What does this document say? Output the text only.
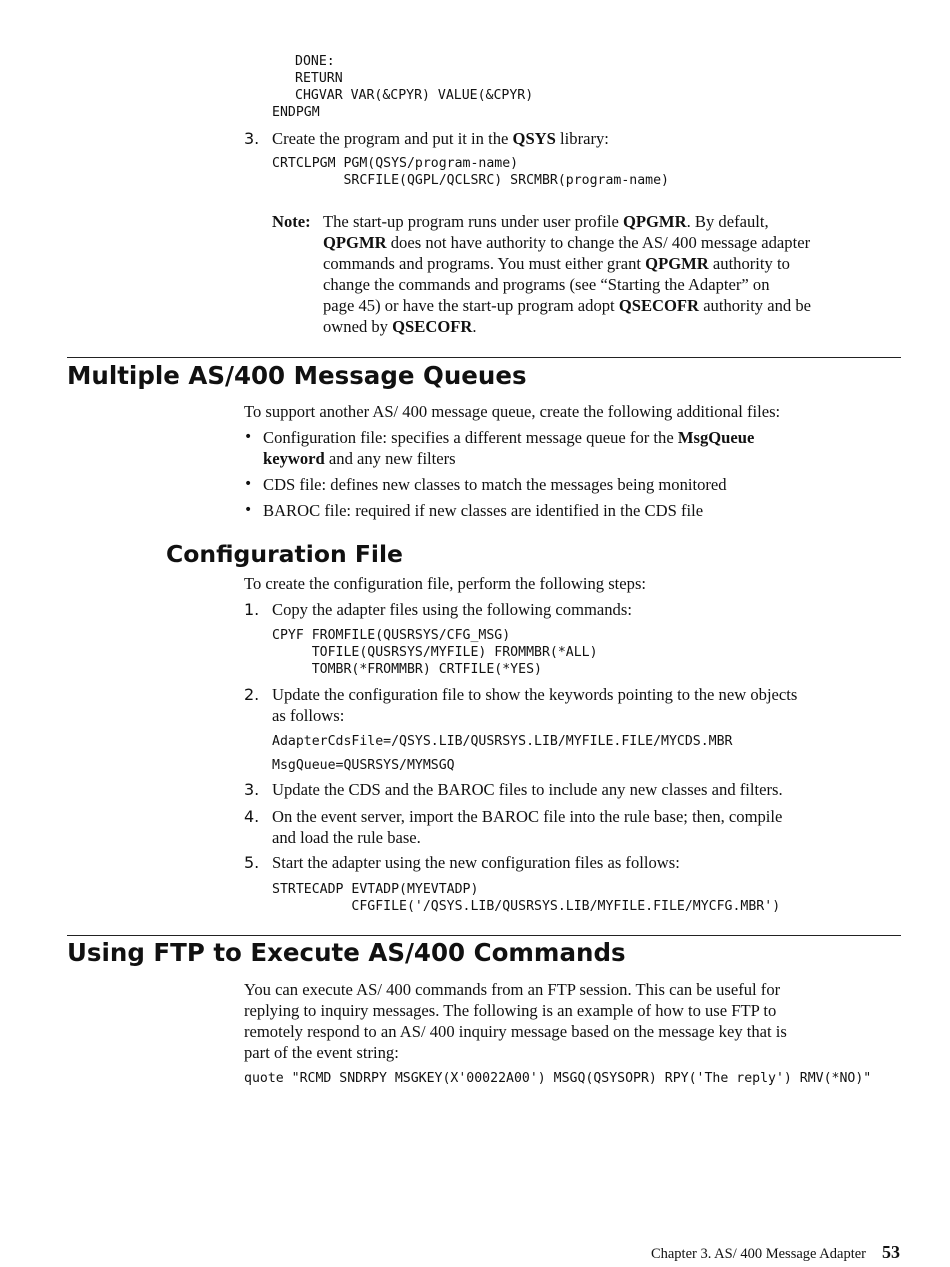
DONE:
RETURN
CHGVAR VAR(&CPYR) VALUE(&CPYR)
ENDPGM
3. Create the program and put it in the QSYS library:
CRTCLPGM PGM(QSYS/program-name)
SRCFILE(QGPL/QCLSRC) SRCMBR(program-name)
Note: The start-up program runs under user profile QPGMR. By default,
QPGMR does not have authority to change the AS/ 400 message adapter
commands and programs. You must either grant QPGMR authority to
change the commands and programs (see “Starting the Adapter” on
page 45) or have the start-up program adopt QSECOFR authority and be
owned by QSECOFR.
Multiple AS/400 Message Queues
To support another AS/ 400 message queue, create the following additional files:
• Configuration file: specifies a different message queue for the MsgQueue
keyword and any new filters
• CDS file: defines new classes to match the messages being monitored
• BAROC file: required if new classes are identified in the CDS file
Configuration File
To create the configuration file, perform the following steps:
1. Copy the adapter files using the following commands:
CPYF FROMFILE(QUSRSYS/CFG_MSG)
TOFILE(QUSRSYS/MYFILE) FROMMBR(*ALL)
TOMBR(*FROMMBR) CRTFILE(*YES)
2. Update the configuration file to show the keywords pointing to the new objects
as follows:
AdapterCdsFile=/QSYS.LIB/QUSRSYS.LIB/MYFILE.FILE/MYCDS.MBR
MsgQueue=QUSRSYS/MYMSGQ
3. Update the CDS and the BAROC files to include any new classes and filters.
4. On the event server, import the BAROC file into the rule base; then, compile
and load the rule base.
5. Start the adapter using the new configuration files as follows:
STRTECADP EVTADP(MYEVTADP)
CFGFILE('/QSYS.LIB/QUSRSYS.LIB/MYFILE.FILE/MYCFG.MBR')
Using FTP to Execute AS/400 Commands
You can execute AS/ 400 commands from an FTP session. This can be useful for
replying to inquiry messages. The following is an example of how to use FTP to
remotely respond to an AS/ 400 inquiry message based on the message key that is
part of the event string:
quote "RCMD SNDRPY MSGKEY(X'00022A00') MSGQ(QSYSOPR) RPY('The reply') RMV(*NO)"
Chapter 3. AS/ 400 Message Adapter 53
